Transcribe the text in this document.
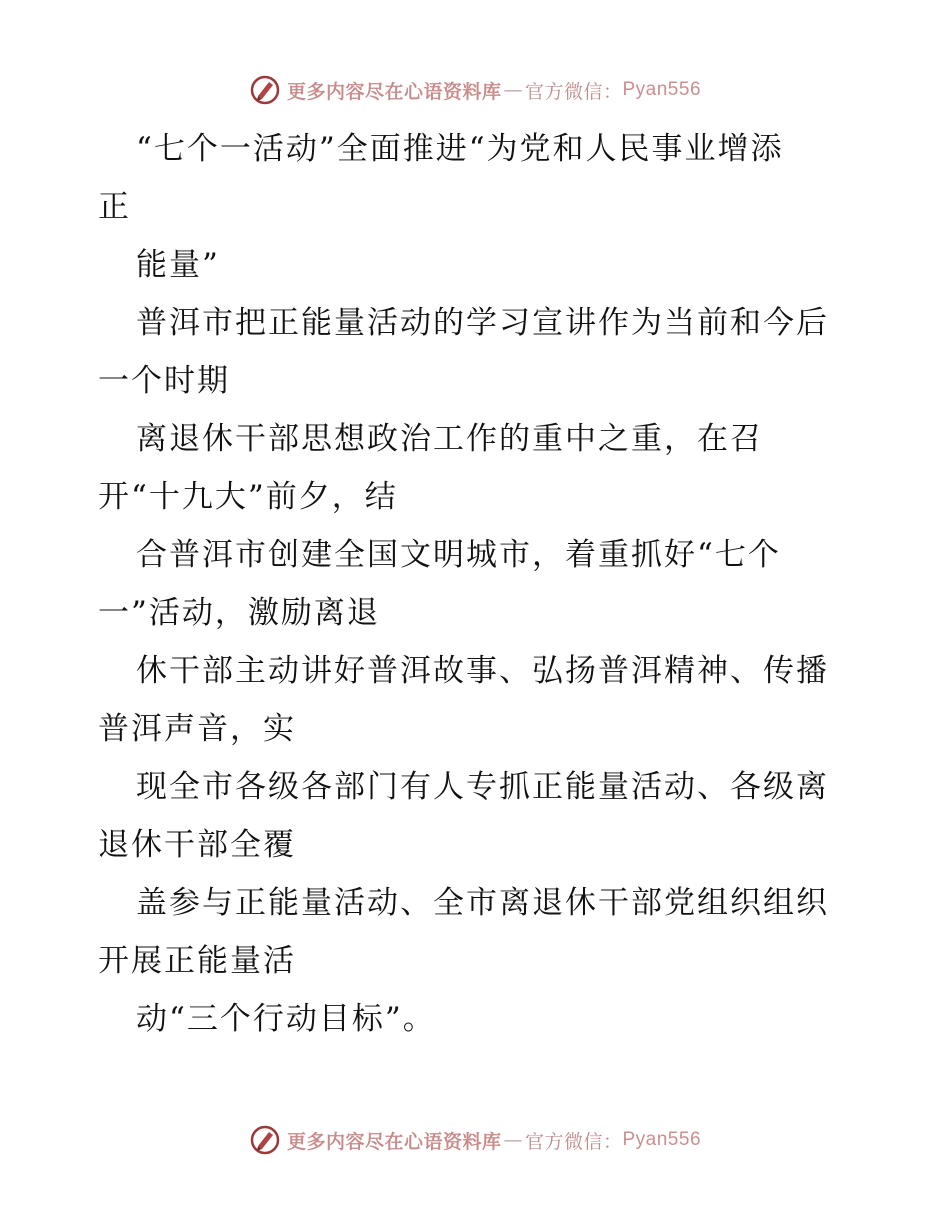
更多内容尽在心语资料库 — 官方微信： Pyan556
“七个一活动”全面推进“为党和人民事业增添
正
能量”
普洱市把正能量活动的学习宣讲作为当前和今后
一个时期
离退休干部思想政治工作的重中之重，在召
开“十九大”前夕，结
合普洱市创建全国文明城市，着重抓好“七个
一”活动，激励离退
休干部主动讲好普洱故事、弘扬普洱精神、传播
普洱声音，实
现全市各级各部门有人专抓正能量活动、各级离
退休干部全覆
盖参与正能量活动、全市离退休干部党组织组织
开展正能量活
动“三个行动目标”。
更多内容尽在心语资料库 — 官方微信： Pyan556
